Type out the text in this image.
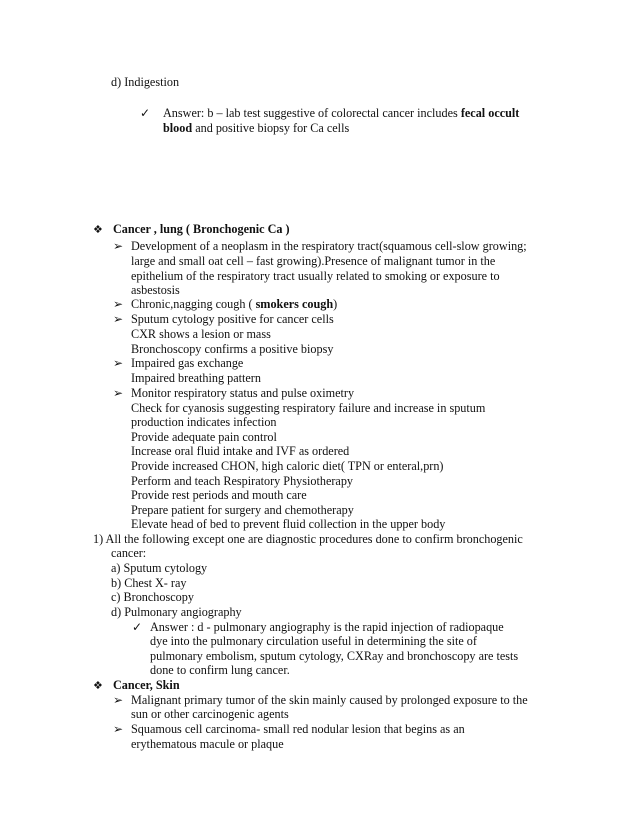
d) Indigestion
✓ Answer: b – lab test suggestive of colorectal cancer includes fecal occult
blood and positive biopsy for Ca cells
❖ Cancer , lung ( Bronchogenic Ca )
➢ Development of a neoplasm in the respiratory tract(squamous cell-slow growing;
large and small oat cell – fast growing).Presence of malignant tumor in the
epithelium of the respiratory tract usually related to smoking or exposure to
asbestosis
➢ Chronic,nagging cough ( smokers cough)
➢ Sputum cytology positive for cancer cells
CXR shows a lesion or mass
Bronchoscopy confirms a positive biopsy
➢ Impaired gas exchange
Impaired breathing pattern
➢ Monitor respiratory status and pulse oximetry
Check for cyanosis suggesting respiratory failure and increase in sputum
production indicates infection
Provide adequate pain control
Increase oral fluid intake and IVF as ordered
Provide increased CHON, high caloric diet( TPN or enteral,prn)
Perform and teach Respiratory Physiotherapy
Provide rest periods and mouth care
Prepare patient for surgery and chemotherapy
Elevate head of bed to prevent fluid collection in the upper body
1) All the following except one are diagnostic procedures done to confirm bronchogenic
cancer:
a) Sputum cytology
b) Chest X- ray
c) Bronchoscopy
d) Pulmonary angiography
✓ Answer : d - pulmonary angiography is the rapid injection of radiopaque
dye into the pulmonary circulation useful in determining the site of
pulmonary embolism, sputum cytology, CXRay and bronchoscopy are tests
done to confirm lung cancer.
❖ Cancer, Skin
➢ Malignant primary tumor of the skin mainly caused by prolonged exposure to the
sun or other carcinogenic agents
➢ Squamous cell carcinoma- small red nodular lesion that begins as an
erythematous macule or plaque
